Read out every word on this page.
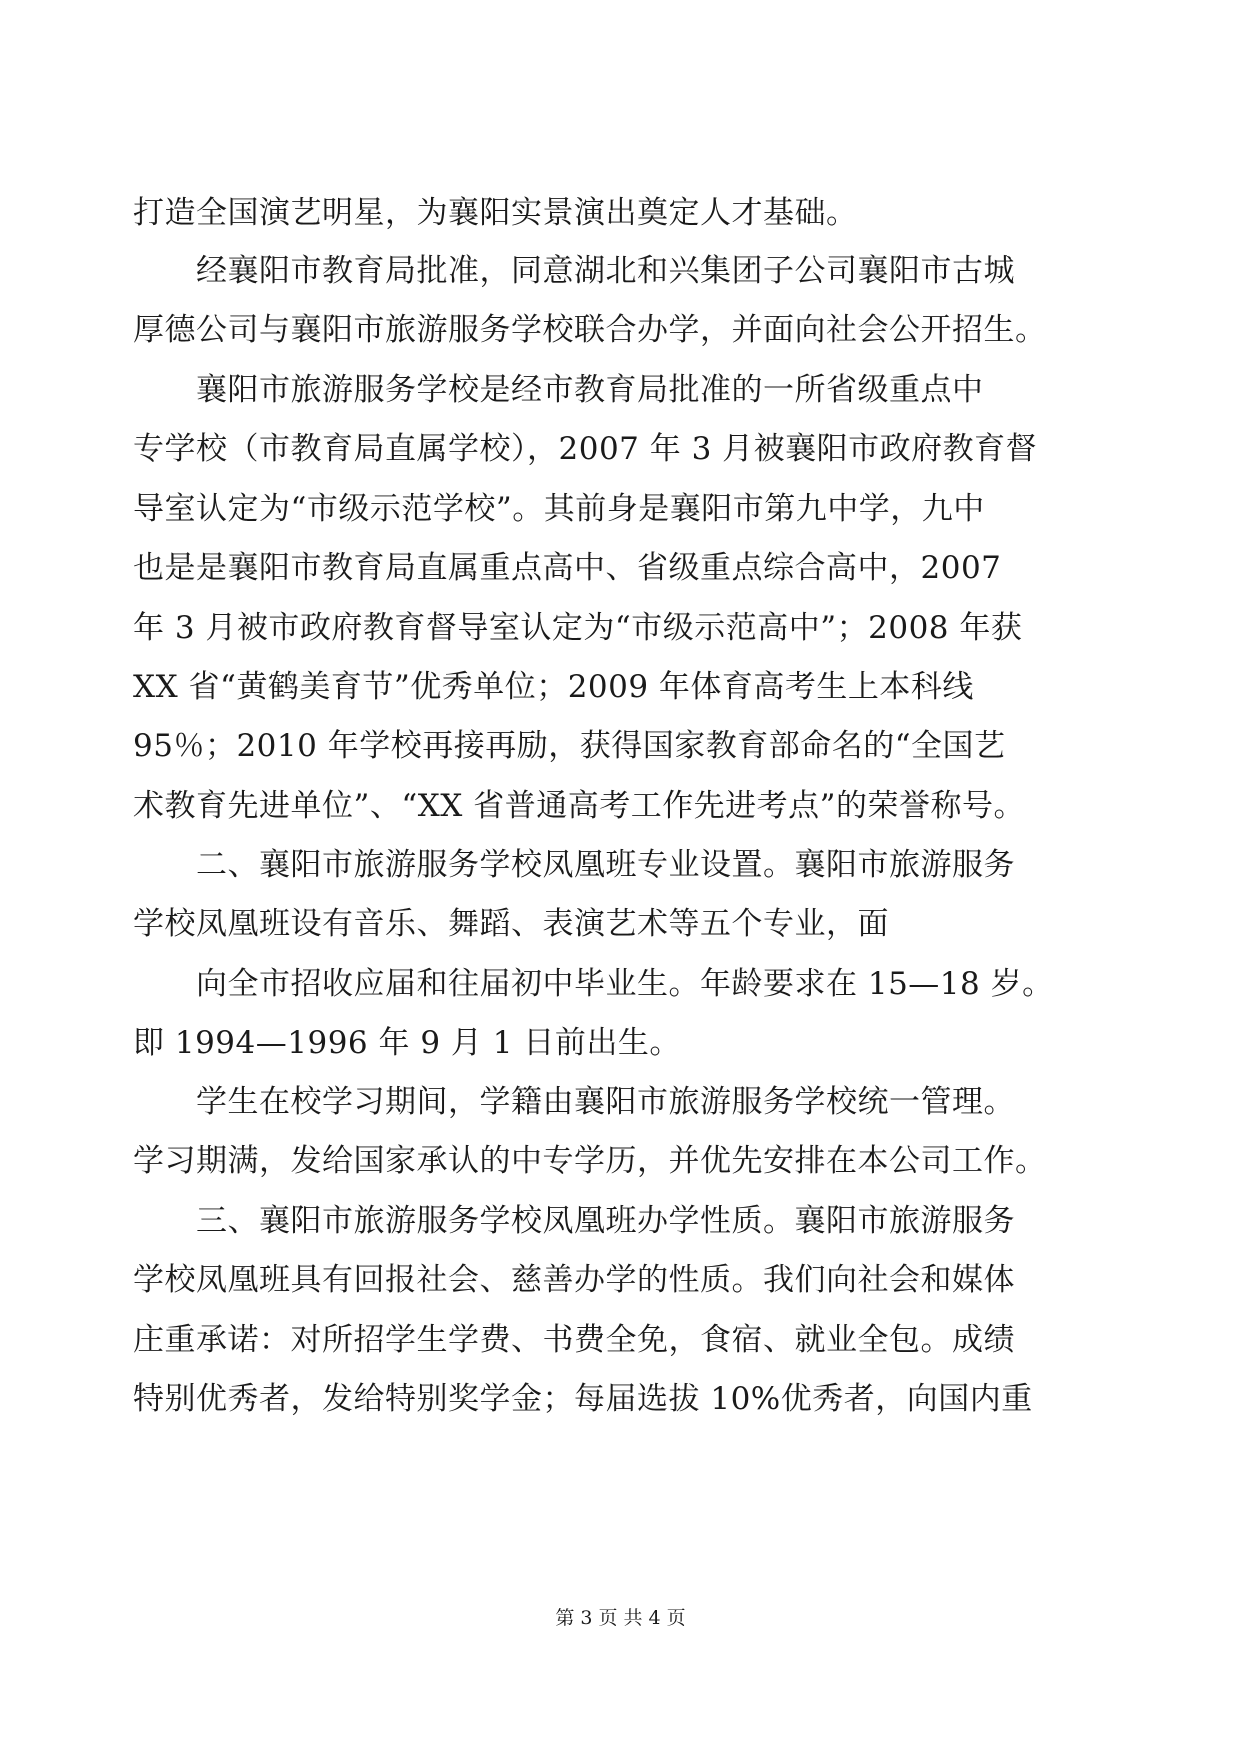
打造全国演艺明星，为襄阳实景演出奠定人才基础。
　　经襄阳市教育局批准，同意湖北和兴集团子公司襄阳市古城
厚德公司与襄阳市旅游服务学校联合办学，并面向社会公开招生。
　　襄阳市旅游服务学校是经市教育局批准的一所省级重点中
专学校（市教育局直属学校），2007 年 3 月被襄阳市政府教育督
导室认定为“市级示范学校”。其前身是襄阳市第九中学，九中
也是是襄阳市教育局直属重点高中、省级重点综合高中，2007
年 3 月被市政府教育督导室认定为“市级示范高中”；2008 年获
XX 省“黄鹤美育节”优秀单位；2009 年体育高考生上本科线
95％；2010 年学校再接再励，获得国家教育部命名的“全国艺
术教育先进单位”、“XX 省普通高考工作先进考点”的荣誉称号。
　　二、襄阳市旅游服务学校凤凰班专业设置。襄阳市旅游服务
学校凤凰班设有音乐、舞蹈、表演艺术等五个专业，面
　　向全市招收应届和往届初中毕业生。年龄要求在 15—18 岁。
即 1994—1996 年 9 月 1 日前出生。
　　学生在校学习期间，学籍由襄阳市旅游服务学校统一管理。
学习期满，发给国家承认的中专学历，并优先安排在本公司工作。
　　三、襄阳市旅游服务学校凤凰班办学性质。襄阳市旅游服务
学校凤凰班具有回报社会、慈善办学的性质。我们向社会和媒体
庄重承诺：对所招学生学费、书费全免，食宿、就业全包。成绩
特别优秀者，发给特别奖学金；每届选拔 10%优秀者，向国内重
第 3 页 共 4 页
